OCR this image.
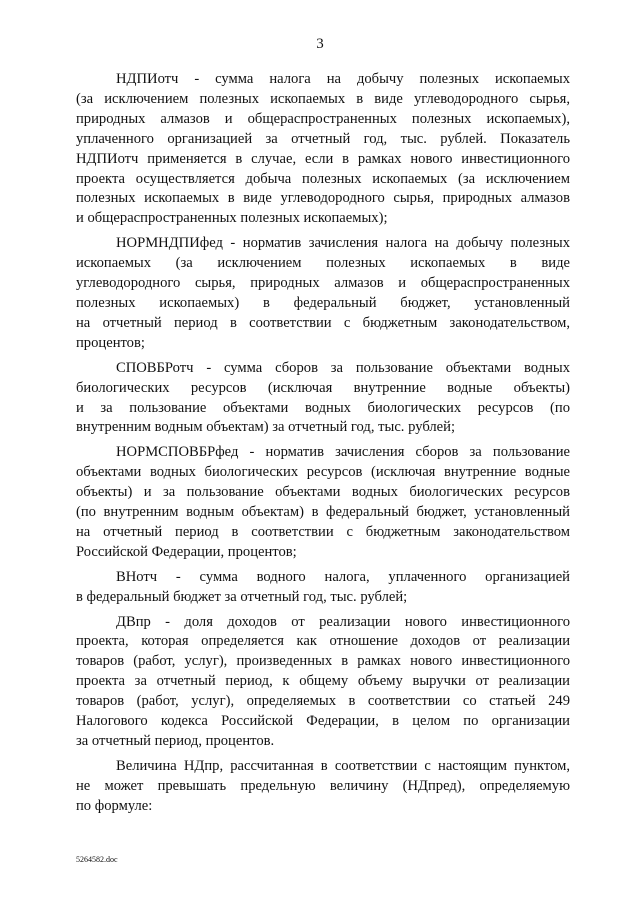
3
НДПИотч - сумма налога на добычу полезных ископаемых
(за исключением полезных ископаемых в виде углеводородного сырья,
природных алмазов и общераспространенных полезных ископаемых),
уплаченного организацией за отчетный год, тыс. рублей. Показатель
НДПИотч применяется в случае, если в рамках нового инвестиционного
проекта осуществляется добыча полезных ископаемых (за исключением
полезных ископаемых в виде углеводородного сырья, природных алмазов
и общераспространенных полезных ископаемых);
НОРМНДПИфед - норматив зачисления налога на добычу полезных
ископаемых (за исключением полезных ископаемых в виде
углеводородного сырья, природных алмазов и общераспространенных
полезных ископаемых) в федеральный бюджет, установленный
на отчетный период в соответствии с бюджетным законодательством,
процентов;
СПОВБРотч - сумма сборов за пользование объектами водных
биологических ресурсов (исключая внутренние водные объекты)
и за пользование объектами водных биологических ресурсов (по
внутренним водным объектам) за отчетный год, тыс. рублей;
НОРМСПОВБРфед - норматив зачисления сборов за пользование
объектами водных биологических ресурсов (исключая внутренние водные
объекты) и за пользование объектами водных биологических ресурсов
(по внутренним водным объектам) в федеральный бюджет, установленный
на отчетный период в соответствии с бюджетным законодательством
Российской Федерации, процентов;
ВНотч - сумма водного налога, уплаченного организацией
в федеральный бюджет за отчетный год, тыс. рублей;
ДВпр - доля доходов от реализации нового инвестиционного
проекта, которая определяется как отношение доходов от реализации
товаров (работ, услуг), произведенных в рамках нового инвестиционного
проекта за отчетный период, к общему объему выручки от реализации
товаров (работ, услуг), определяемых в соответствии со статьей 249
Налогового кодекса Российской Федерации, в целом по организации
за отчетный период, процентов.
Величина НДпр, рассчитанная в соответствии с настоящим пунктом,
не может превышать предельную величину (НДпред), определяемую
по формуле:
5264582.doc
